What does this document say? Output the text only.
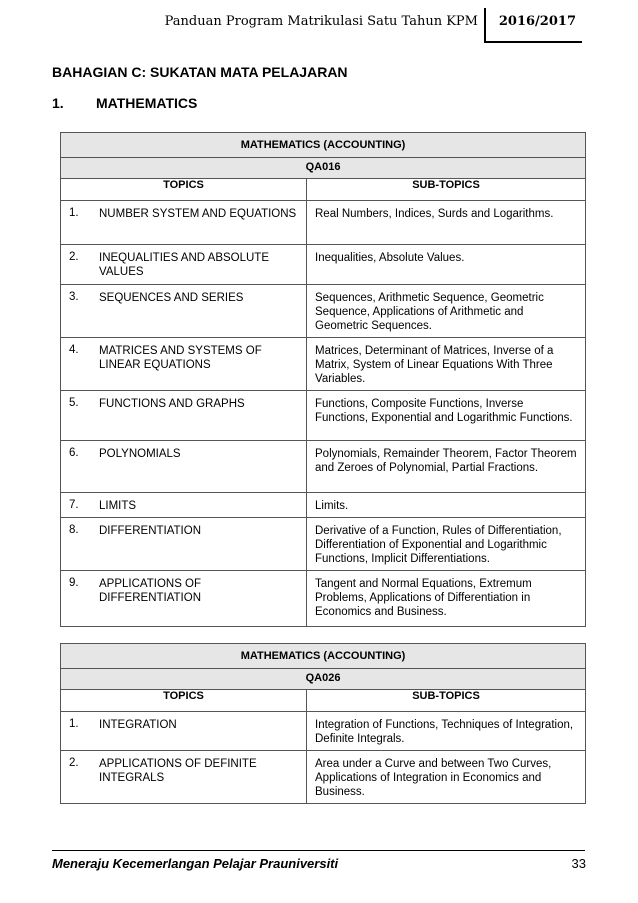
Panduan Program Matrikulasi Satu Tahun KPM 2016/2017
BAHAGIAN C: SUKATAN MATA PELAJARAN
1. MATHEMATICS
MATHEMATICS (ACCOUNTING)
QA016	

TOPICS	SUB-TOPICS
1. NUMBER SYSTEM AND EQUATIONS	Real Numbers, Indices, Surds and Logarithms.
2. INEQUALITIES AND ABSOLUTE VALUES	Inequalities, Absolute Values.
3. SEQUENCES AND SERIES	Sequences, Arithmetic Sequence, Geometric Sequence, Applications of Arithmetic and Geometric Sequences.
4. MATRICES AND SYSTEMS OF LINEAR EQUATIONS	Matrices, Determinant of Matrices, Inverse of a Matrix, System of Linear Equations With Three Variables.
5. FUNCTIONS AND GRAPHS	Functions, Composite Functions, Inverse Functions, Exponential and Logarithmic Functions.
6. POLYNOMIALS	Polynomials, Remainder Theorem, Factor Theorem and Zeroes of Polynomial, Partial Fractions.
7. LIMITS	Limits.
8. DIFFERENTIATION	Derivative of a Function, Rules of Differentiation, Differentiation of Exponential and Logarithmic Functions, Implicit Differentiations.
9. APPLICATIONS OF DIFFERENTIATION	Tangent and Normal Equations, Extremum Problems, Applications of Differentiation in Economics and Business.
MATHEMATICS (ACCOUNTING)
QA026	

TOPICS	SUB-TOPICS
1. INTEGRATION	Integration of Functions, Techniques of Integration, Definite Integrals.
2. APPLICATIONS OF DEFINITE INTEGRALS	Area under a Curve and between Two Curves, Applications of Integration in Economics and Business.
Meneraju Kecemerlangan Pelajar Prauniversiti	33
